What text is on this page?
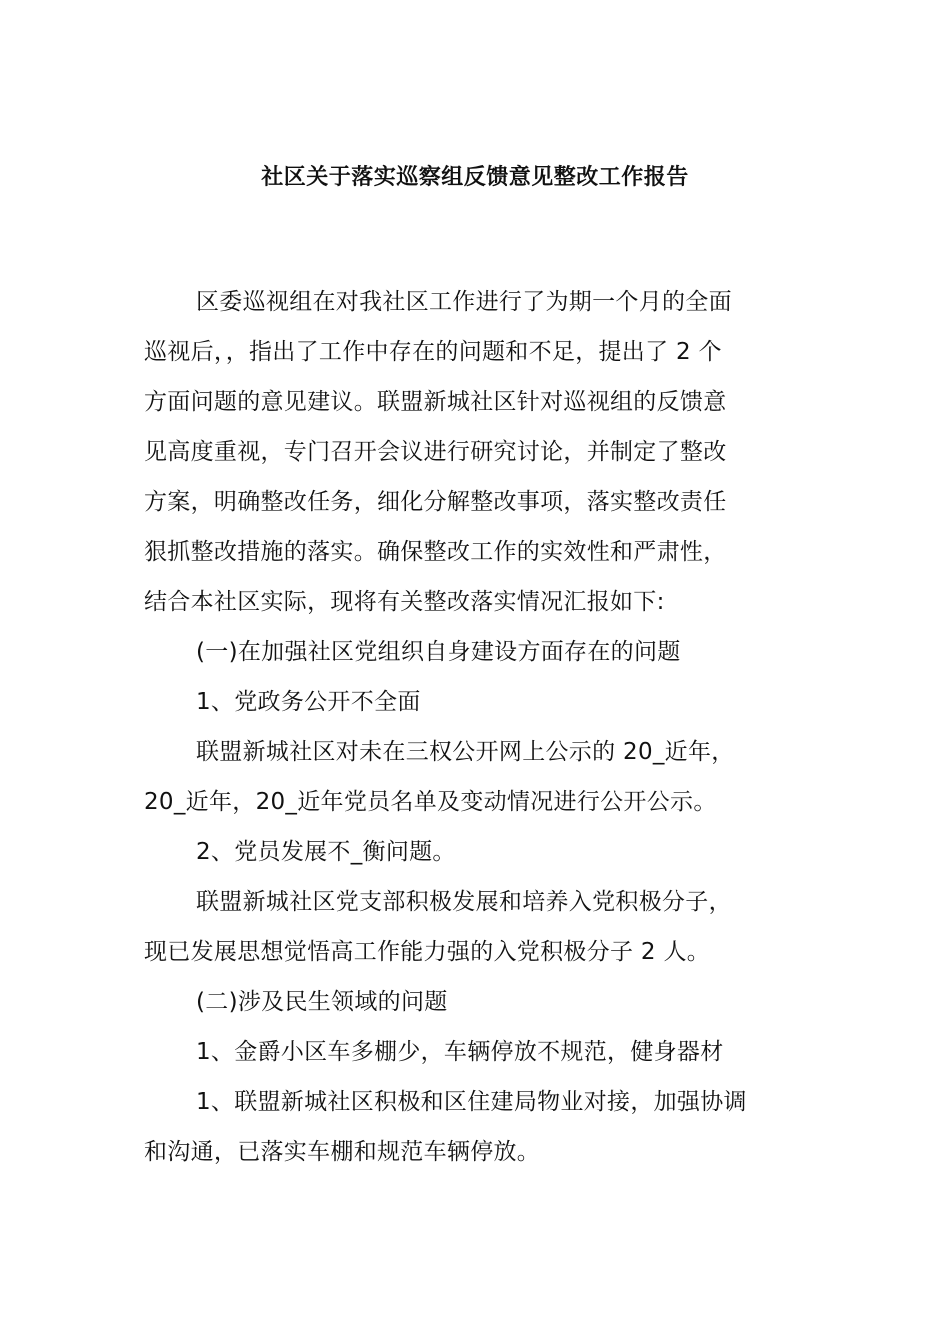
社区关于落实巡察组反馈意见整改工作报告
区委巡视组在对我社区工作进行了为期一个月的全面
巡视后，，指出了工作中存在的问题和不足，提出了 2 个
方面问题的意见建议。联盟新城社区针对巡视组的反馈意
见高度重视，专门召开会议进行研究讨论，并制定了整改
方案，明确整改任务，细化分解整改事项，落实整改责任
狠抓整改措施的落实。确保整改工作的实效性和严肃性，
结合本社区实际，现将有关整改落实情况汇报如下:
(一)在加强社区党组织自身建设方面存在的问题
1、党政务公开不全面
联盟新城社区对未在三权公开网上公示的 20_近年，
20_近年，20_近年党员名单及变动情况进行公开公示。
2、党员发展不_衡问题。
联盟新城社区党支部积极发展和培养入党积极分子，
现已发展思想觉悟高工作能力强的入党积极分子 2 人。
(二)涉及民生领域的问题
1、金爵小区车多棚少，车辆停放不规范，健身器材
1、联盟新城社区积极和区住建局物业对接，加强协调
和沟通，已落实车棚和规范车辆停放。
